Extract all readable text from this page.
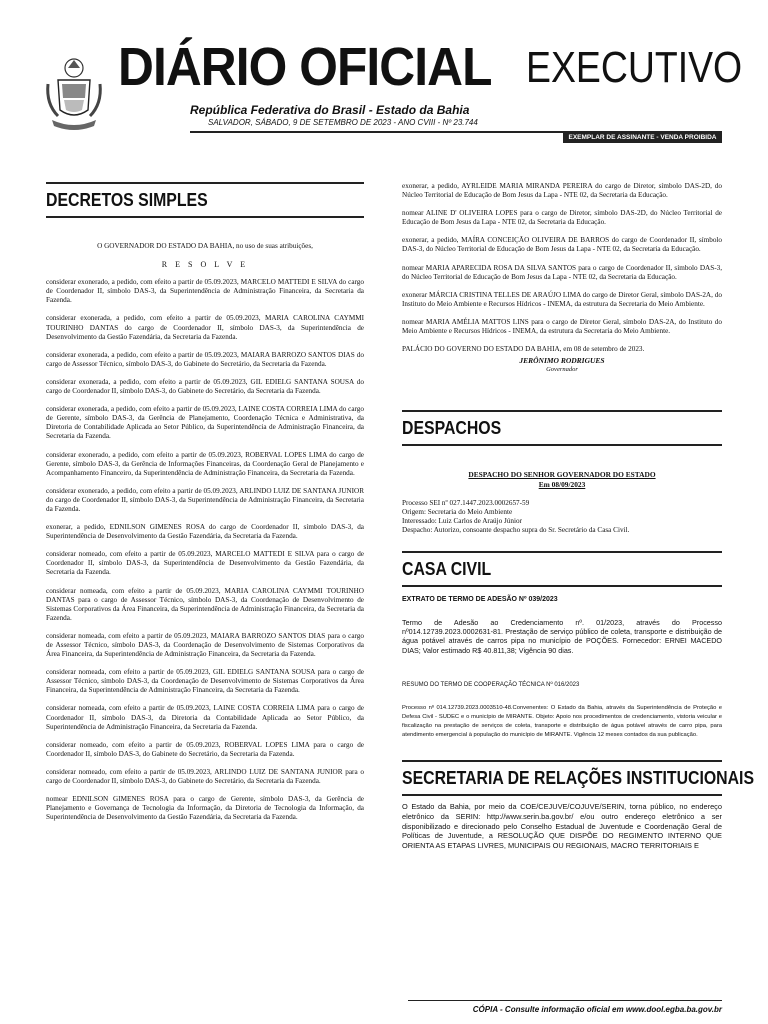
DIÁRIO OFICIAL EXECUTIVO
República Federativa do Brasil - Estado da Bahia
SALVADOR, SÁBADO, 9 DE SETEMBRO DE 2023 - ANO CVIII - Nº 23.744
EXEMPLAR DE ASSINANTE - VENDA PROIBIDA
DECRETOS SIMPLES

O GOVERNADOR DO ESTADO DA BAHIA, no uso de suas atribuições,

R E S O L V E

considerar exonerado, a pedido, com efeito a partir de 05.09.2023, MARCELO MATTEDI E SILVA do cargo de Coordenador II, símbolo DAS-3, da Superintendência de Administração Financeira, da Secretaria da Fazenda.

considerar exonerada, a pedido, com efeito a partir de 05.09.2023, MARIA CAROLINA CAYMMI TOURINHO DANTAS do cargo de Coordenador II, símbolo DAS-3, da Superintendência de Desenvolvimento da Gestão Fazendária, da Secretaria da Fazenda.

considerar exonerada, a pedido, com efeito a partir de 05.09.2023, MAIARA BARROZO SANTOS DIAS do cargo de Assessor Técnico, símbolo DAS-3, do Gabinete do Secretário, da Secretaria da Fazenda.

considerar exonerada, a pedido, com efeito a partir de 05.09.2023, GIL EDIELG SANTANA SOUSA do cargo de Coordenador II, símbolo DAS-3, do Gabinete do Secretário, da Secretaria da Fazenda.

considerar exonerada, a pedido, com efeito a partir de 05.09.2023, LAINE COSTA CORREIA LIMA do cargo de Gerente, símbolo DAS-3, da Gerência de Planejamento, Coordenação Técnica e Administrativa, da Diretoria de Contabilidade Aplicada ao Setor Público, da Superintendência de Administração Financeira, da Secretaria da Fazenda.

considerar exonerado, a pedido, com efeito a partir de 05.09.2023, ROBERVAL LOPES LIMA do cargo de Gerente, símbolo DAS-3, da Gerência de Informações Financeiras, da Coordenação Geral de Planejamento e Acompanhamento Financeiro, da Superintendência de Administração Financeira, da Secretaria da Fazenda.

considerar exonerado, a pedido, com efeito a partir de 05.09.2023, ARLINDO LUIZ DE SANTANA JUNIOR do cargo de Coordenador II, símbolo DAS-3, da Superintendência de Administração Financeira, da Secretaria da Fazenda.

exonerar, a pedido, EDNILSON GIMENES ROSA do cargo de Coordenador II, símbolo DAS-3, da Superintendência de Desenvolvimento da Gestão Fazendária, da Secretaria da Fazenda.

considerar nomeado, com efeito a partir de 05.09.2023, MARCELO MATTEDI E SILVA para o cargo de Coordenador II, símbolo DAS-3, da Superintendência de Desenvolvimento da Gestão Fazendária, da Secretaria da Fazenda.

considerar nomeada, com efeito a partir de 05.09.2023, MARIA CAROLINA CAYMMI TOURINHO DANTAS para o cargo de Assessor Técnico, símbolo DAS-3, da Coordenação de Desenvolvimento de Sistemas Corporativos da Área Financeira, da Superintendência de Administração Financeira, da Secretaria da Fazenda.

considerar nomeada, com efeito a partir de 05.09.2023, MAIARA BARROZO SANTOS DIAS para o cargo de Assessor Técnico, símbolo DAS-3, da Coordenação de Desenvolvimento de Sistemas Corporativos da Área Financeira, da Superintendência de Administração Financeira, da Secretaria da Fazenda.

considerar nomeada, com efeito a partir de 05.09.2023, GIL EDIELG SANTANA SOUSA para o cargo de Assessor Técnico, símbolo DAS-3, da Coordenação de Desenvolvimento de Sistemas Corporativos da Área Financeira, da Superintendência de Administração Financeira, da Secretaria da Fazenda.

considerar nomeada, com efeito a partir de 05.09.2023, LAINE COSTA CORREIA LIMA para o cargo de Coordenador II, símbolo DAS-3, da Diretoria da Contabilidade Aplicada ao Setor Público, da Superintendência de Administração Financeira, da Secretaria da Fazenda.

considerar nomeado, com efeito a partir de 05.09.2023, ROBERVAL LOPES LIMA para o cargo de Coordenador II, símbolo DAS-3, do Gabinete do Secretário, da Secretaria da Fazenda.

considerar nomeado, com efeito a partir de 05.09.2023, ARLINDO LUIZ DE SANTANA JUNIOR para o cargo de Coordenador II, símbolo DAS-3, do Gabinete do Secretário, da Secretaria da Fazenda.

nomear EDNILSON GIMENES ROSA para o cargo de Gerente, símbolo DAS-3, da Gerência de Planejamento e Governança de Tecnologia da Informação, da Diretoria de Tecnologia da Informação, da Superintendência de Desenvolvimento da Gestão Fazendária, da Secretaria da Fazenda.

exonerar, a pedido, AYRLEIDE MARIA MIRANDA PEREIRA do cargo de Diretor, símbolo DAS-2D, do Núcleo Territorial de Educação de Bom Jesus da Lapa - NTE 02, da Secretaria da Educação.

nomear ALINE D' OLIVEIRA LOPES para o cargo de Diretor, símbolo DAS-2D, do Núcleo Territorial de Educação de Bom Jesus da Lapa - NTE 02, da Secretaria da Educação.

exonerar, a pedido, MAÍRA CONCEIÇÃO OLIVEIRA DE BARROS do cargo de Coordenador II, símbolo DAS-3, do Núcleo Territorial de Educação de Bom Jesus da Lapa - NTE 02, da Secretaria da Educação.

nomear MARIA APARECIDA ROSA DA SILVA SANTOS para o cargo de Coordenador II, símbolo DAS-3, do Núcleo Territorial de Educação de Bom Jesus da Lapa - NTE 02, da Secretaria da Educação.

exonerar MÁRCIA CRISTINA TELLES DE ARAÚJO LIMA do cargo de Diretor Geral, símbolo DAS-2A, do Instituto do Meio Ambiente e Recursos Hídricos - INEMA, da estrutura da Secretaria do Meio Ambiente.

nomear MARIA AMÉLIA MATTOS LINS para o cargo de Diretor Geral, símbolo DAS-2A, do Instituto do Meio Ambiente e Recursos Hídricos - INEMA, da estrutura da Secretaria do Meio Ambiente.

PALÁCIO DO GOVERNO DO ESTADO DA BAHIA, em 08 de setembro de 2023.

JERÔNIMO RODRIGUES

Governador

DESPACHOS

DESPACHO DO SENHOR GOVERNADOR DO ESTADO

Em 08/09/2023

Processo SEI nº 027.1447.2023.0002657-59

Origem: Secretaria do Meio Ambiente

Interessado: Luiz Carlos de Araújo Júnior

Despacho: Autorizo, consoante despacho supra do Sr. Secretário da Casa Civil.

CASA CIVIL

EXTRATO DE TERMO DE ADESÃO Nº 039/2023

Termo de Adesão ao Credenciamento nº. 01/2023, através do Processo nº014.12739.2023.0002631-81. Prestação de serviço público de coleta, transporte e distribuição de água potável através de carros pipa no município de POÇÕES. Fornecedor: ERNEI MACEDO DIAS; Valor estimado R$ 40.811,38; Vigência 90 dias.

RESUMO DO TERMO DE COOPERAÇÃO TÉCNICA Nº 016/2023

Processo nº 014.12739.2023.0003510-48.Convenentes: O Estado da Bahia, através da Superintendência de Proteção e Defesa Civil - SUDEC e o município de MIRANTE. Objeto: Apoio nos procedimentos de credenciamento, vistoria veicular e fiscalização na prestação de serviços de coleta, transporte e distribuição de água potável através de carro pipa, para atendimento emergencial à população do município de MIRANTE. Vigência 12 meses contados da sua publicação.

SECRETARIA DE RELAÇÕES INSTITUCIONAIS

O Estado da Bahia, por meio da COE/CEJUVE/COJUVE/SERIN, torna público, no endereço eletrônico da SERIN: http://www.serin.ba.gov.br/ e/ou outro endereço eletrônico a ser disponibilizado e direcionado pelo Conselho Estadual de Juventude e Coordenação Geral de Políticas de Juventude, a RESOLUÇÃO QUE DISPÕE DO REGIMENTO INTERNO QUE ORIENTA AS ETAPAS LIVRES, MUNICIPAIS OU REGIONAIS, MACRO TERRITORIAIS E

CÓPIA - Consulte informação oficial em www.dool.egba.ba.gov.br
